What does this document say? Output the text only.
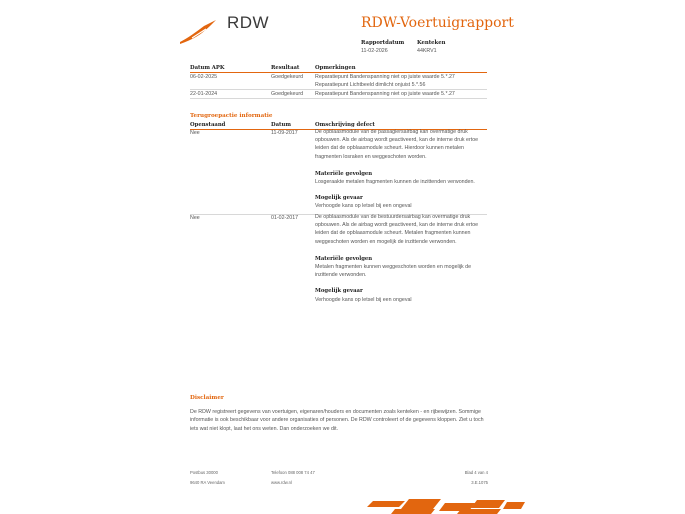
RDW	RDW-Voertuigrapport
Rapportdatum
11-02-2026
Kenteken
44KRV1
Datum APK	Resultaat	Opmerkingen
06-02-2025	Goedgekeurd Reparatiepunt Bandenspanning niet op juiste waarde 5.*.27
Reparatiepunt Lichtbeeld dimlicht onjuist 5.*.56
22-01-2024	Goedgekeurd Reparatiepunt Bandenspanning niet op juiste waarde 5.*.27
Terugroepactie informatie
Openstaand	Datum	Omschrijving defect
Nee	11-09-2017	De opblaasmodule van de passagiersairbag kan overmatige druk opbouwen. Als de airbag wordt geactiveerd, kan de interne druk ertoe leiden dat de opblaasmodule scheurt. Hierdoor kunnen metalen fragmenten losraken en weggeschoten worden.
Materiële gevolgen
Losgeraakte metalen fragmenten kunnen de inzittenden verwonden.
Mogelijk gevaar
Verhoogde kans op letsel bij een ongeval
Nee	01-02-2017	De opblaasmodule van de bestuurdersairbag kan overmatige druk opbouwen. Als de airbag wordt geactiveerd, kan de interne druk ertoe leiden dat de opblaasmodule scheurt. Metalen fragmenten kunnen weggeschoten worden en mogelijk de inzittende verwonden.
Materiële gevolgen
Metalen fragmenten kunnen weggeschoten worden en mogelijk de inzittende verwonden.
Mogelijk gevaar
Verhoogde kans op letsel bij een ongeval
Disclaimer
De RDW registreert gegevens van voertuigen, eigenaren/houders en documenten zoals kenteken - en rijbewijzen. Sommige informatie is ook beschikbaar voor andere organisaties of personen. De RDW controleert of de gegevens kloppen. Ziet u toch iets wat niet klopt, laat het ons weten. Dan onderzoeken we dit.
Postbus 30000
9640 RA Veendam
Telefoon 088 008 74 47
www.rdw.nl
Blad 4 van 4
3.E.1075
